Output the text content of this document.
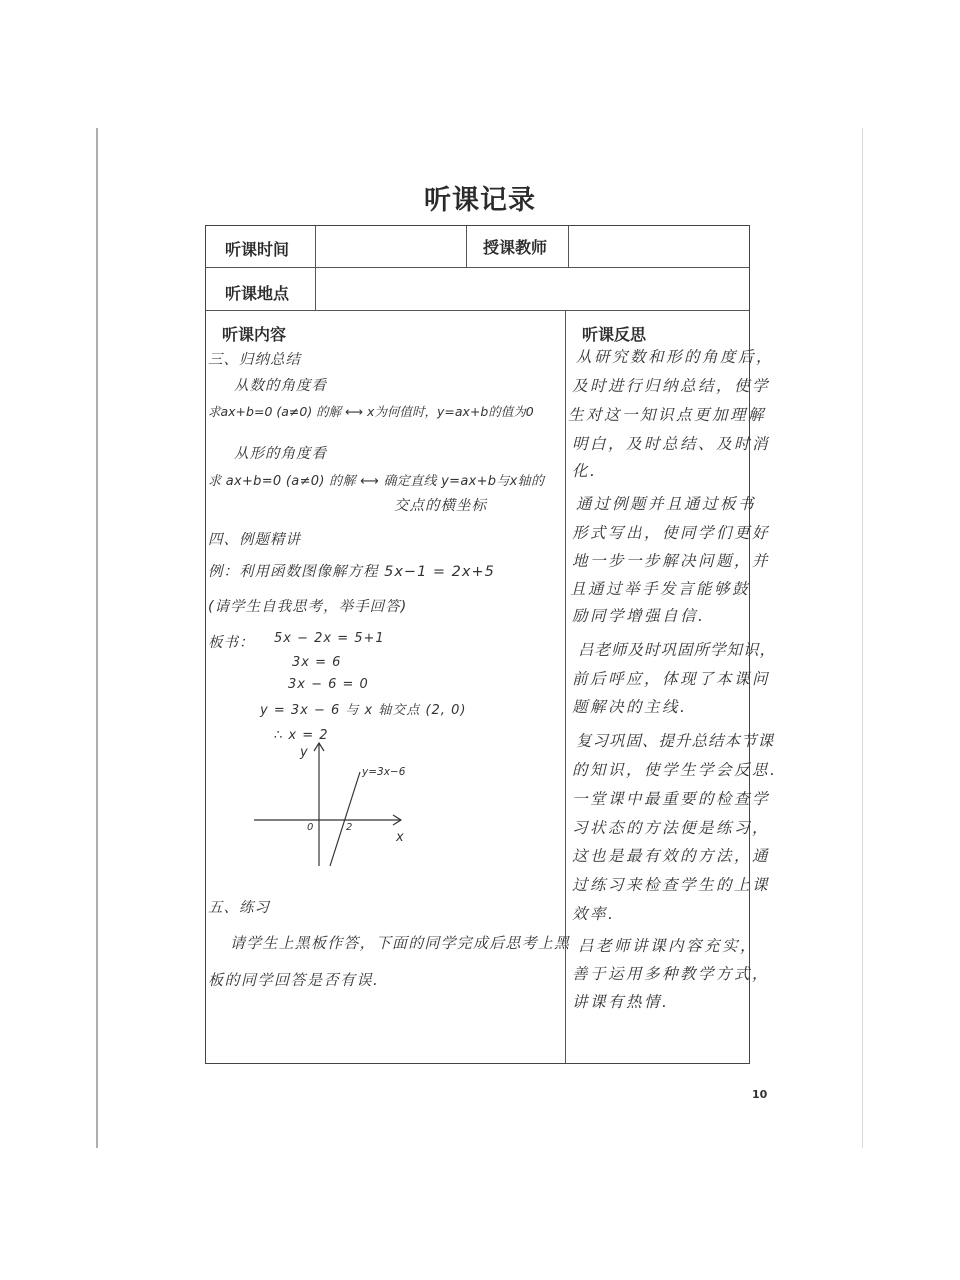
听课记录
听课时间	授课教师
听课地点
听课内容
三、归纳总结
从数的角度看
求ax+b=0 (a≠0) 的解 ⟷ x为何值时，y=ax+b的值为0
从形的角度看
求 ax+b=0 (a≠0) 的解 ⟷ 确定直线 y=ax+b与x轴的
交点的横坐标
四、例题精讲
例：利用函数图像解方程 5x−1 = 2x+5
(请学生自我思考，举手回答)
板书： 5x − 2x = 5+1
3x = 6
3x − 6 = 0
y = 3x − 6 与 x 轴交点 (2, 0)
∴ x = 2
y
y=3x−6
0	2
x
五、练习
请学生上黑板作答，下面的同学完成后思考上黑
板的同学回答是否有误.
听课反思
从研究数和形的角度后，
及时进行归纳总结，使学
生对这一知识点更加理解
明白，及时总结、及时消
化.
通过例题并且通过板书
形式写出，使同学们更好
地一步一步解决问题，并
且通过举手发言能够鼓
励同学增强自信.
吕老师及时巩固所学知识，
前后呼应，体现了本课问
题解决的主线.
复习巩固、提升总结本节课
的知识，使学生学会反思.
一堂课中最重要的检查学
习状态的方法便是练习，
这也是最有效的方法，通
过练习来检查学生的上课
效率.
吕老师讲课内容充实，
善于运用多种教学方式，
讲课有热情.
10
